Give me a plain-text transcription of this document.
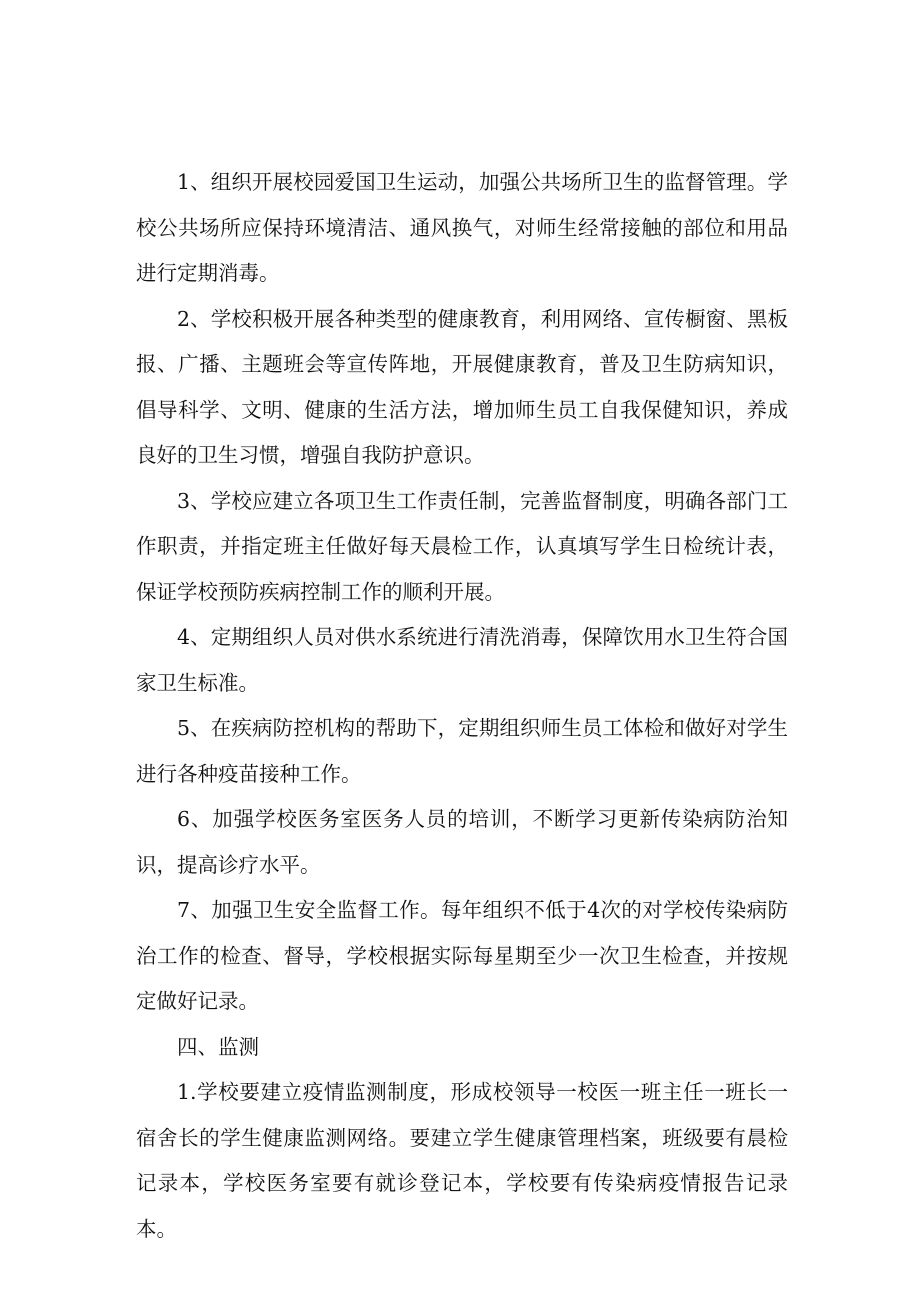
1、组织开展校园爱国卫生运动，加强公共场所卫生的监督管理。学校公共场所应保持环境清洁、通风换气，对师生经常接触的部位和用品进行定期消毒。

2、学校积极开展各种类型的健康教育，利用网络、宣传橱窗、黑板报、广播、主题班会等宣传阵地，开展健康教育，普及卫生防病知识，倡导科学、文明、健康的生活方法，增加师生员工自我保健知识，养成良好的卫生习惯，增强自我防护意识。

3、学校应建立各项卫生工作责任制，完善监督制度，明确各部门工作职责，并指定班主任做好每天晨检工作，认真填写学生日检统计表，保证学校预防疾病控制工作的顺利开展。

4、定期组织人员对供水系统进行清洗消毒，保障饮用水卫生符合国家卫生标准。

5、在疾病防控机构的帮助下，定期组织师生员工体检和做好对学生进行各种疫苗接种工作。

6、加强学校医务室医务人员的培训，不断学习更新传染病防治知识，提高诊疗水平。

7、加强卫生安全监督工作。每年组织不低于4次的对学校传染病防治工作的检查、督导，学校根据实际每星期至少一次卫生检查，并按规定做好记录。

四、监测

1.学校要建立疫情监测制度，形成校领导一校医一班主任一班长一宿舍长的学生健康监测网络。要建立学生健康管理档案，班级要有晨检记录本，学校医务室要有就诊登记本，学校要有传染病疫情报告记录本。
